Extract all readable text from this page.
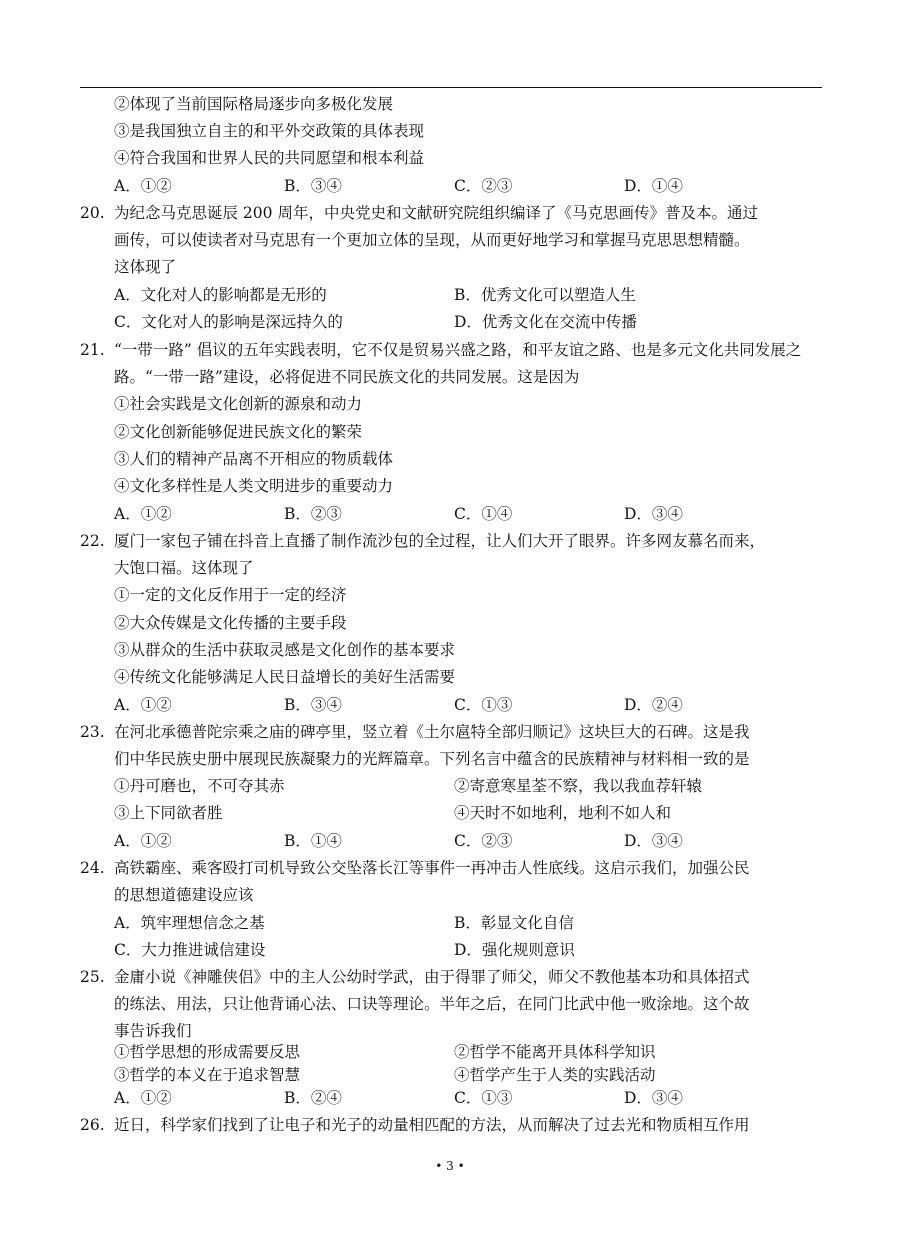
②体现了当前国际格局逐步向多极化发展
③是我国独立自主的和平外交政策的具体表现
④符合我国和世界人民的共同愿望和根本利益
A．①②	B．③④	C．②③	D．①④
20. 为纪念马克思诞辰 200 周年，中央党史和文献研究院组织编译了《马克思画传》普及本。通过
画传，可以使读者对马克思有一个更加立体的呈现，从而更好地学习和掌握马克思思想精髓。
这体现了
A．文化对人的影响都是无形的	B．优秀文化可以塑造人生
C．文化对人的影响是深远持久的	D．优秀文化在交流中传播
21. “一带一路” 倡议的五年实践表明，它不仅是贸易兴盛之路，和平友谊之路、也是多元文化共同发展之
路。“一带一路”建设，必将促进不同民族文化的共同发展。这是因为
①社会实践是文化创新的源泉和动力
②文化创新能够促进民族文化的繁荣
③人们的精神产品离不开相应的物质载体
④文化多样性是人类文明进步的重要动力
A．①②	B．②③	C．①④	D．③④
22. 厦门一家包子铺在抖音上直播了制作流沙包的全过程，让人们大开了眼界。许多网友慕名而来，
大饱口福。这体现了
①一定的文化反作用于一定的经济
②大众传媒是文化传播的主要手段
③从群众的生活中获取灵感是文化创作的基本要求
④传统文化能够满足人民日益增长的美好生活需要
A．①②	B．③④	C．①③	D．②④
23. 在河北承德普陀宗乘之庙的碑亭里，竖立着《土尔扈特全部归顺记》这块巨大的石碑。这是我
们中华民族史册中展现民族凝聚力的光辉篇章。下列名言中蕴含的民族精神与材料相一致的是
①丹可磨也，不可夺其赤	②寄意寒星荃不察，我以我血荐轩辕
③上下同欲者胜	④天时不如地利，地利不如人和
A．①②	B．①④	C．②③	D．③④
24. 高铁霸座、乘客殴打司机导致公交坠落长江等事件一再冲击人性底线。这启示我们，加强公民
的思想道德建设应该
A．筑牢理想信念之基	B．彰显文化自信
C．大力推进诚信建设	D．强化规则意识
25. 金庸小说《神雕侠侣》中的主人公幼时学武，由于得罪了师父，师父不教他基本功和具体招式
的练法、用法，只让他背诵心法、口诀等理论。半年之后，在同门比武中他一败涂地。这个故
事告诉我们
①哲学思想的形成需要反思	②哲学不能离开具体科学知识
③哲学的本义在于追求智慧	④哲学产生于人类的实践活动
A．①②	B．②④	C．①③	D．③④
26. 近日，科学家们找到了让电子和光子的动量相匹配的方法，从而解决了过去光和物质相互作用
• 3 •
